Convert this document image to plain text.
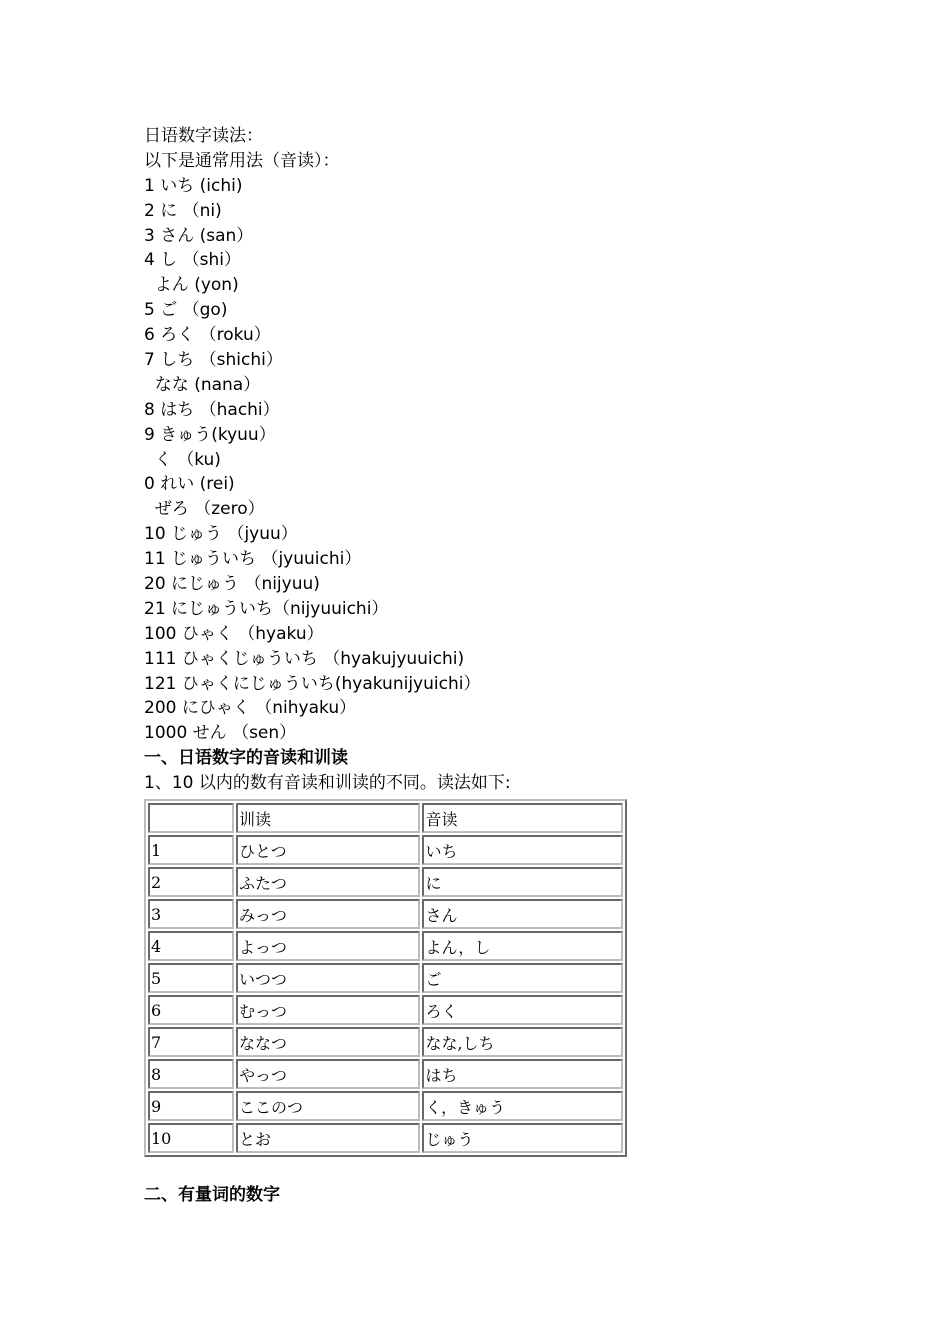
日语数字读法：
以下是通常用法（音读）：
1 いち (ichi)
2 に （ni)
3 さん (san）
4 し （shi）
よん (yon)
5 ご （go)
6 ろく （roku）
7 しち （shichi）
なな (nana）
8 はち （hachi）
9 きゅう(kyuu）
く （ku)
0 れい (rei)
ぜろ （zero）
10 じゅう （jyuu）
11 じゅういち （jyuuichi）
20 にじゅう （nijyuu)
21 にじゅういち（nijyuuichi）
100 ひゃく （hyaku）
111 ひゃくじゅういち （hyakujyuuichi)
121 ひゃくにじゅういち(hyakunijyuichi）
200 にひゃく （nihyaku）
1000 せん （sen）
一、日语数字的音读和训读
1、10 以内的数有音读和训读的不同。读法如下:
	训读	音读
1	ひとつ	いち
2	ふたつ	に
3	みっつ	さん
4	よっつ	よん，し
5	いつつ	ご
6	むっつ	ろく
7	ななつ	なな,しち
8	やっつ	はち
9	ここのつ	く，きゅう
10	とお	じゅう
二、有量词的数字
